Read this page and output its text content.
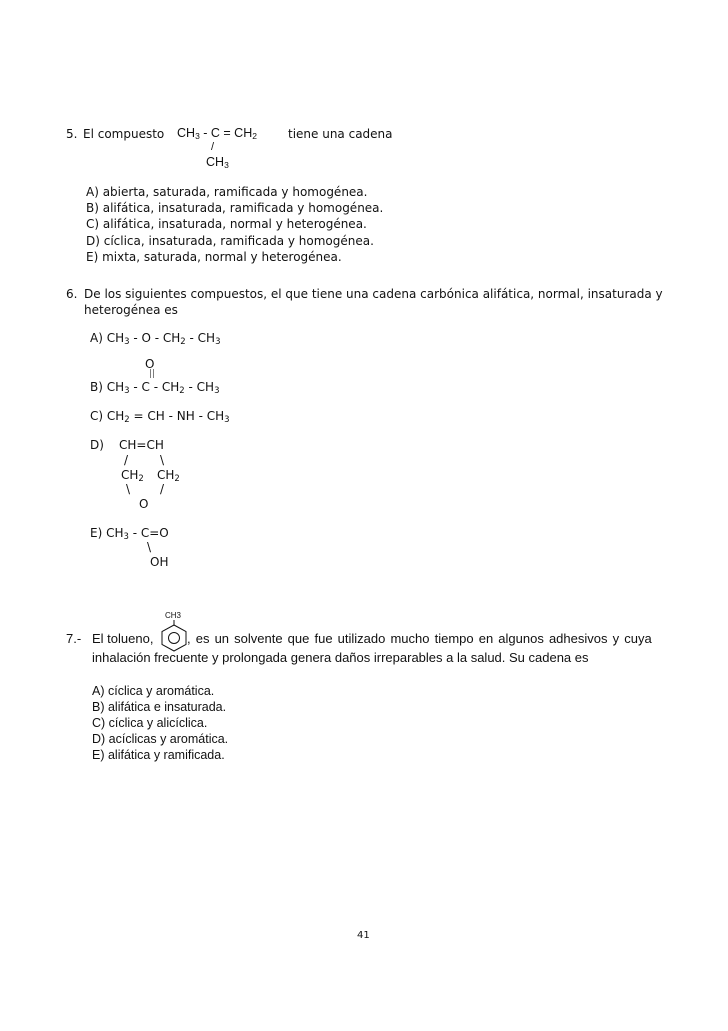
5. El compuesto $CH_3 - C = CH_2$
/
$CH_3$
tiene una cadena
A) abierta, saturada, ramificada y homogénea.
B) alifática, insaturada, ramificada y homogénea.
C) alifática, insaturada, normal y heterogénea.
D) cíclica, insaturada, ramificada y homogénea.
E) mixta, saturada, normal y heterogénea.
6. De los siguientes compuestos, el que tiene una cadena carbónica alifática, normal, insaturada y
heterogénea es
A) $CH_3$ - O - $CH_2 - CH_3$
O
||
B) $CH_3$ - C - $CH_2 - CH_3$
C) $CH_2$ = CH - NH - $CH_3$
D) CH=CH
/	\
$CH_2$ $CH_2$
\ /
O
E) $CH_3 - C=O$
\
OH
CH3
7.- El tolueno,	, es un solvente que fue utilizado mucho tiempo en algunos adhesivos y cuya
inhalación frecuente y prolongada genera daños irreparables a la salud. Su cadena es
A) cíclica y aromática.
B) alifática e insaturada.
C) cíclica y alicíclica.
D) acíclicas y aromática.
E) alifática y ramificada.
41
